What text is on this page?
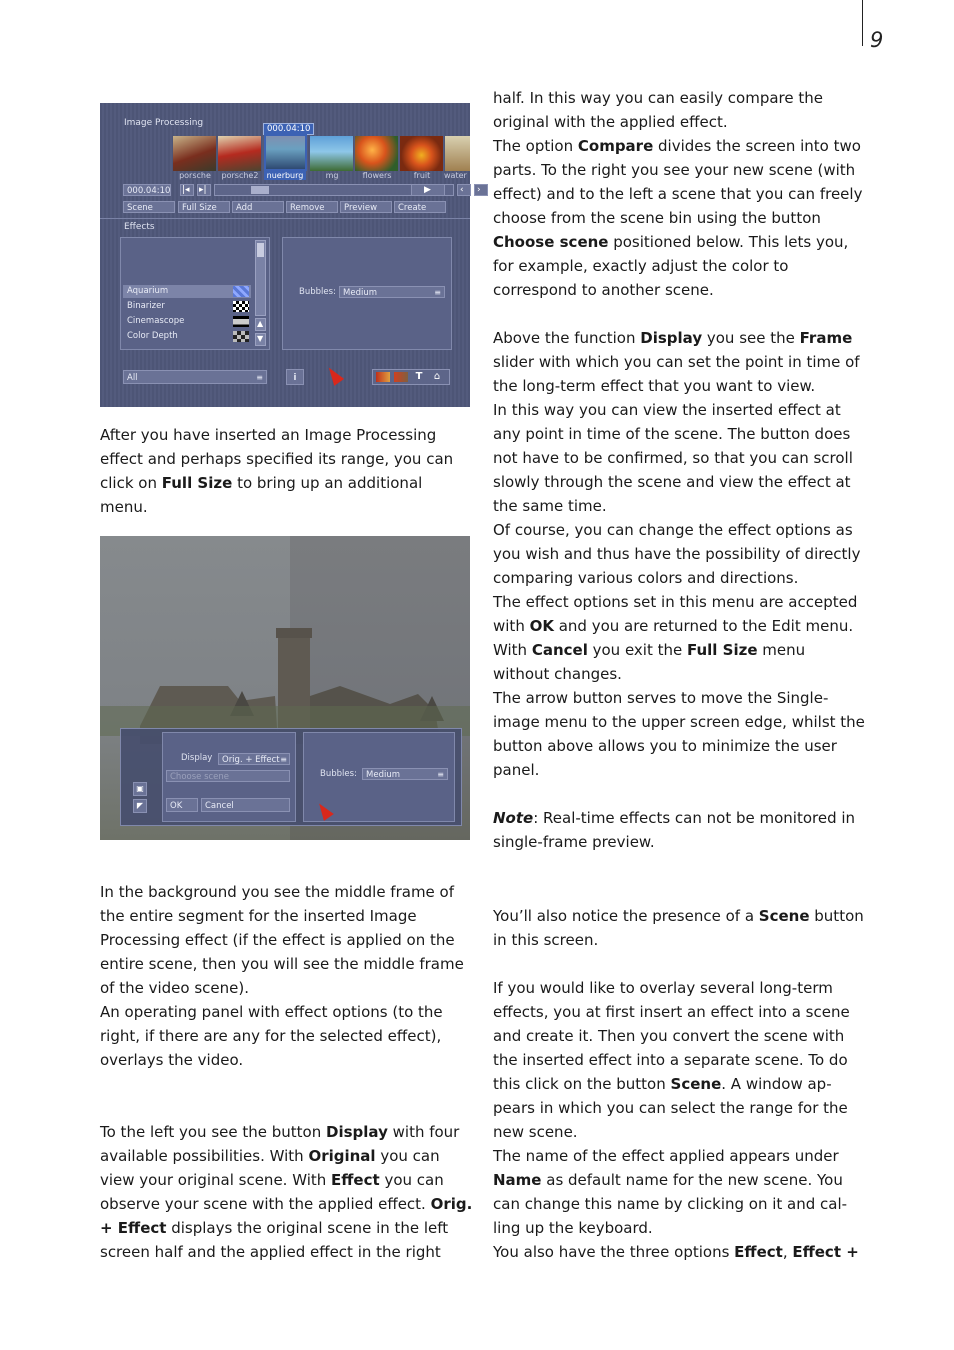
9
Image Processing
000.04:10
porsche	porsche2	nuerburg	mg	flowers	fruit	water
000.04:10 |◂ ▸|	‹ ›
▶
Scene	Full Size	Add	Remove	Preview	Create
Effects
Aquarium
Binarizer
Cinemascope
Color Depth
▲
▼
Bubbles: Medium	≡
All	≡	i	T	⌂
▣
◤
Display	Orig. + Effect ≡
Choose scene
OK	Cancel
Bubbles:	Medium	≡

After you have inserted an Image Processing effect and perhaps specified its range, you can click on Full Size to bring up an additional menu.

In the background you see the middle frame of the entire segment for the inserted Image Processing effect (if the effect is applied on the entire scene, then you will see the middle frame of the video scene).

An operating panel with effect options (to the right, if there are any for the selected effect), overlays the video.

To the left you see the button Display with four available possibilities. With Original you can view your original scene. With Effect you can observe your scene with the applied effect. Orig. + Effect displays the original scene in the left screen half and the applied effect in the right

half. In this way you can easily compare the original with the applied effect.

The option Compare divides the screen into two parts. To the right you see your new scene (with effect) and to the left a scene that you can freely choose from the scene bin using the button Choose scene positioned below. This lets you, for example, exactly adjust the color to correspond to another scene.

Above the function Display you see the Frame slider with which you can set the point in time of the long-term effect that you want to view.

In this way you can view the inserted effect at any point in time of the scene. The button does not have to be confirmed, so that you can scroll slowly through the scene and view the effect at the same time.

Of course, you can change the effect options as you wish and thus have the possibility of directly comparing various colors and directions.

The effect options set in this menu are accepted with OK and you are returned to the Edit menu. With Cancel you exit the Full Size menu without changes.

The arrow button serves to move the Single-image menu to the upper screen edge, whilst the button above allows you to minimize the user panel.

Note: Real-time effects can not be monitored in single-frame preview.

You’ll also notice the presence of a Scene button in this screen.

If you would like to overlay several long-term effects, you at first insert an effect into a scene and create it. Then you convert the scene with the inserted effect into a separate scene. To do this click on the button Scene. A window ap-pears in which you can select the range for the new scene.

The name of the effect applied appears under Name as default name for the new scene. You can change this name by clicking on it and cal-ling up the keyboard.

You also have the three options Effect, Effect +
